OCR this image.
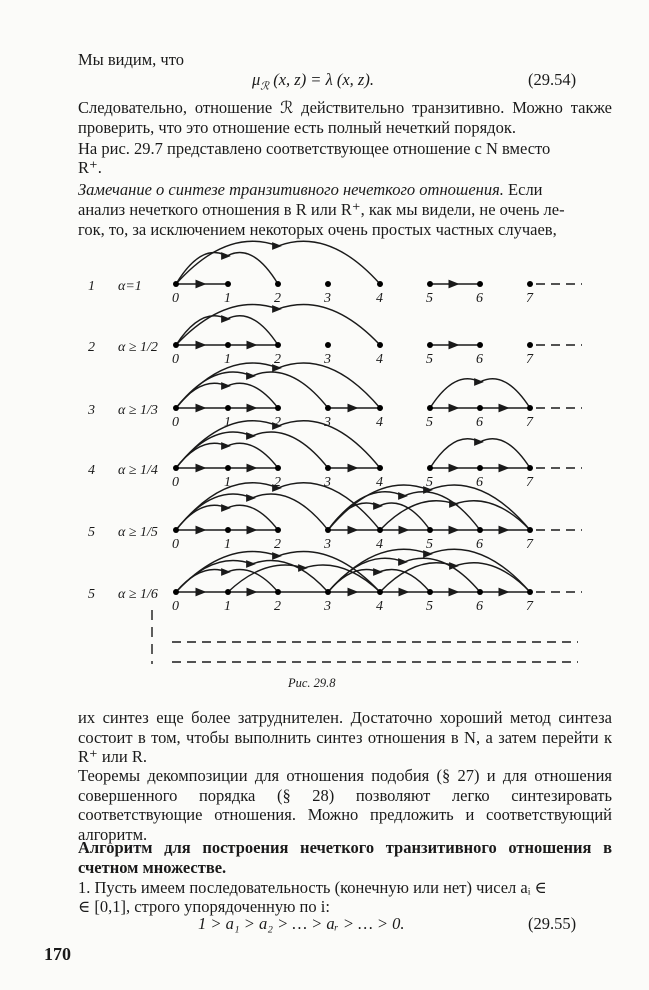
Мы видим, что
$\mu_ℛ$ (x, z) = λ (x, z).	(29.54)
Следовательно, отношение ℛ действительно транзитивно. Можно также проверить, что это отношение есть полный нечеткий порядок.
На рис. 29.7 представлено соответствующее отношение с N вместо
R⁺.
Замечание о синтезе транзитивного нечеткого отношения. Если
анализ нечеткого отношения в R или R⁺, как мы видели, не очень ле-
гок, то, за исключением некоторых очень простых частных случаев,
1 α=1
0	1	2	3	4	5	6	7
2 α ≥ 1/2
0	1	2	3	4	5	6	7
3 α ≥ 1/3
0	1	2	3	4	5	6	7
4 α ≥ 1/4
0	1	2	3	4	5	6	7
5 α ≥ 1/5
0	1	2	3	4	5	6	7
5 α ≥ 1/6
0	1	2	3	4	5	6	7
Рис. 29.8
их синтез еще более затруднителен. Достаточно хороший метод синтеза состоит в том, чтобы выполнить синтез отношения в N, а затем перейти к R⁺ или R.
Теоремы декомпозиции для отношения подобия (§ 27) и для отношения совершенного порядка (§ 28) позволяют легко синтезировать соответствующие отношения. Можно предложить и соответствующий алгоритм.
Алгоритм для построения нечеткого транзитивного отношения в счетном множестве.
1. Пусть имеем последовательность (конечную или нет) чисел aᵢ ∈
∈ [0,1], строго упорядоченную по i:
1 > a₁ > a₂ > … > aᵣ > … > 0.	(29.55)
170
